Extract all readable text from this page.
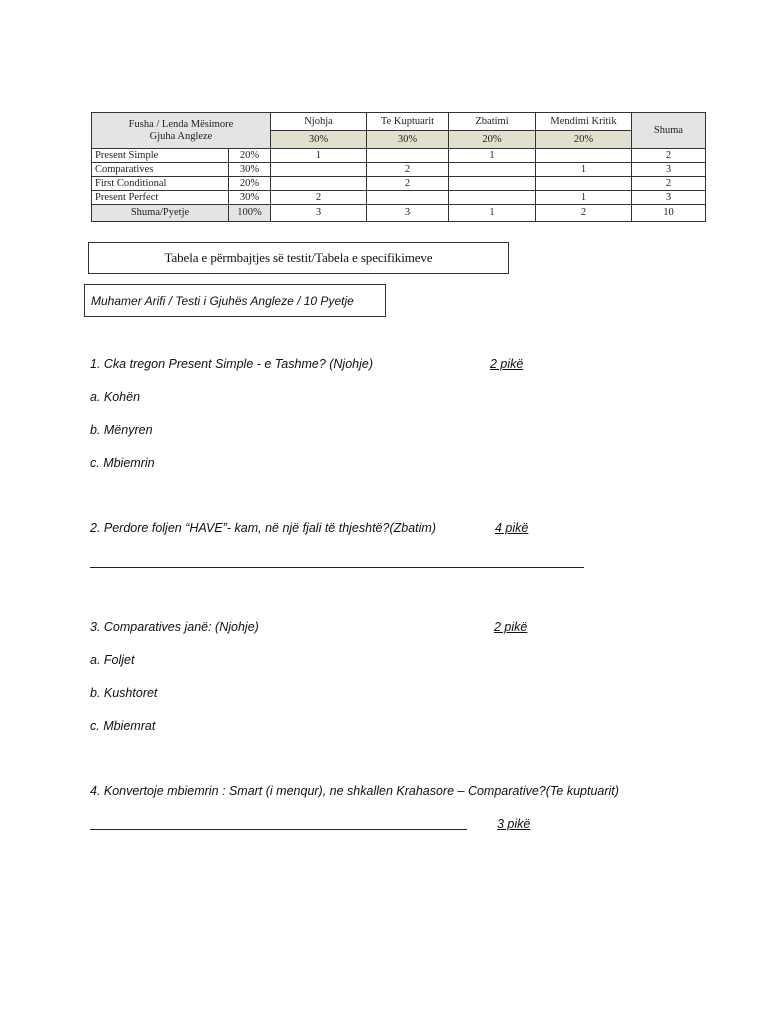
Fusha / Lenda Mësimore
Gjuha Angleze		Njohja	Te Kuptuarit	Zbatimi	Mendimi Kritik	Shuma
		30%	30%	20%	20%	
Present Simple	20%	1		1		2
Comparatives	30%		2		1	3
First Conditional	20%		2			2
Present Perfect	30%	2			1	3
Shuma/Pyetje	100%	3	3	1	2	10
Tabela e përmbajtjes së testit/Tabela e specifikimeve
Muhamer Arifi / Testi i Gjuhës Angleze / 10 Pyetje
1. Cka tregon Present Simple - e Tashme? (Njohje)	2 pikë
a. Kohën
b. Mënyren
c. Mbiemrin
2. Perdore foljen “HAVE”- kam, në një fjali të thjeshtë?(Zbatim)	4 pikë
3. Comparatives janë: (Njohje)	2 pikë
a. Foljet
b. Kushtoret
c. Mbiemrat
4. Konvertoje mbiemrin : Smart (i menqur), ne shkallen Krahasore – Comparative?(Te kuptuarit)
3 pikë
